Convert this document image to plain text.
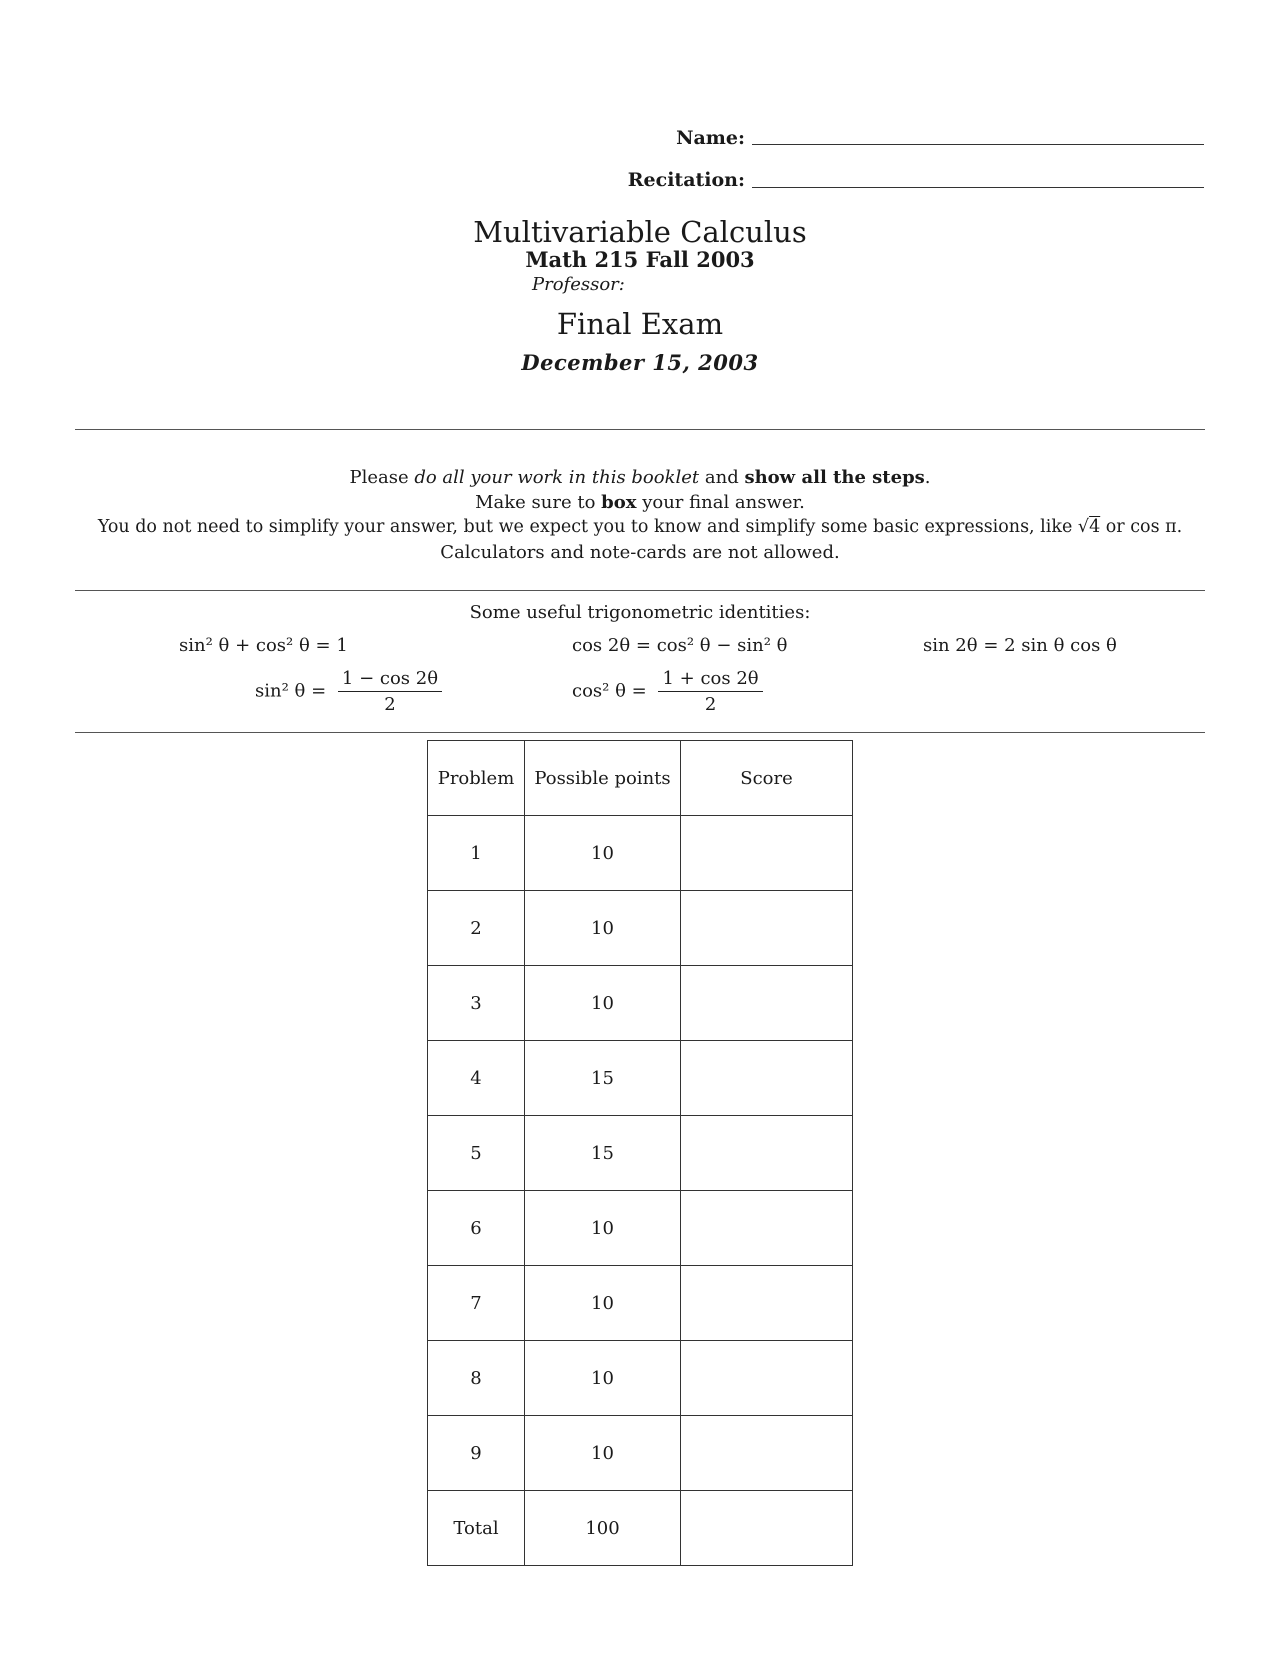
Name:
Recitation:
Multivariable Calculus
Math 215 Fall 2003
Professor:
Final Exam
December 15, 2003
Please do all your work in this booklet and show all the steps.
Make sure to box your final answer.
You do not need to simplify your answer, but we expect you to know and simplify some basic expressions, like √4 or cos π.
Calculators and note-cards are not allowed.
Some useful trigonometric identities:
sin² θ + cos² θ = 1	cos 2θ = cos² θ − sin² θ	sin 2θ = 2 sin θ cos θ
sin² $\theta = \frac{1 - \cos 2\theta}{2}$	cos² $\theta = \frac{1 + \cos 2\theta}{2}$
Problem	Possible points	Score
1	10	
2	10	
3	10	
4	15	
5	15	
6	10	
7	10	
8	10	
9	10	
Total	100	
